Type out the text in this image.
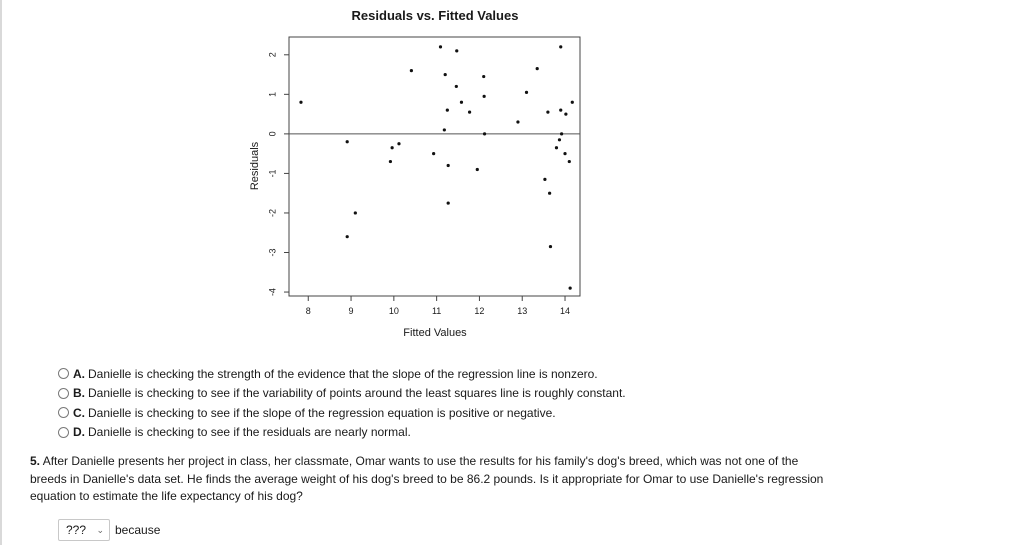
Residuals vs. Fitted Values
8	9	10	11	12	13	14
2
1
0
-1
-2
-3
-4
Fitted Values
Residuals
A. Danielle is checking the strength of the evidence that the slope of the regression line is nonzero.
B. Danielle is checking to see if the variability of points around the least squares line is roughly constant.
C. Danielle is checking to see if the slope of the regression equation is positive or negative.
D. Danielle is checking to see if the residuals are nearly normal.
5. After Danielle presents her project in class, her classmate, Omar wants to use the results for his family's dog's breed, which was not one of the breeds in Danielle's data set. He finds the average weight of his dog's breed to be 86.2 pounds. Is it appropriate for Omar to use Danielle's regression equation to estimate the life expectancy of his dog?
??? ⌄ because
